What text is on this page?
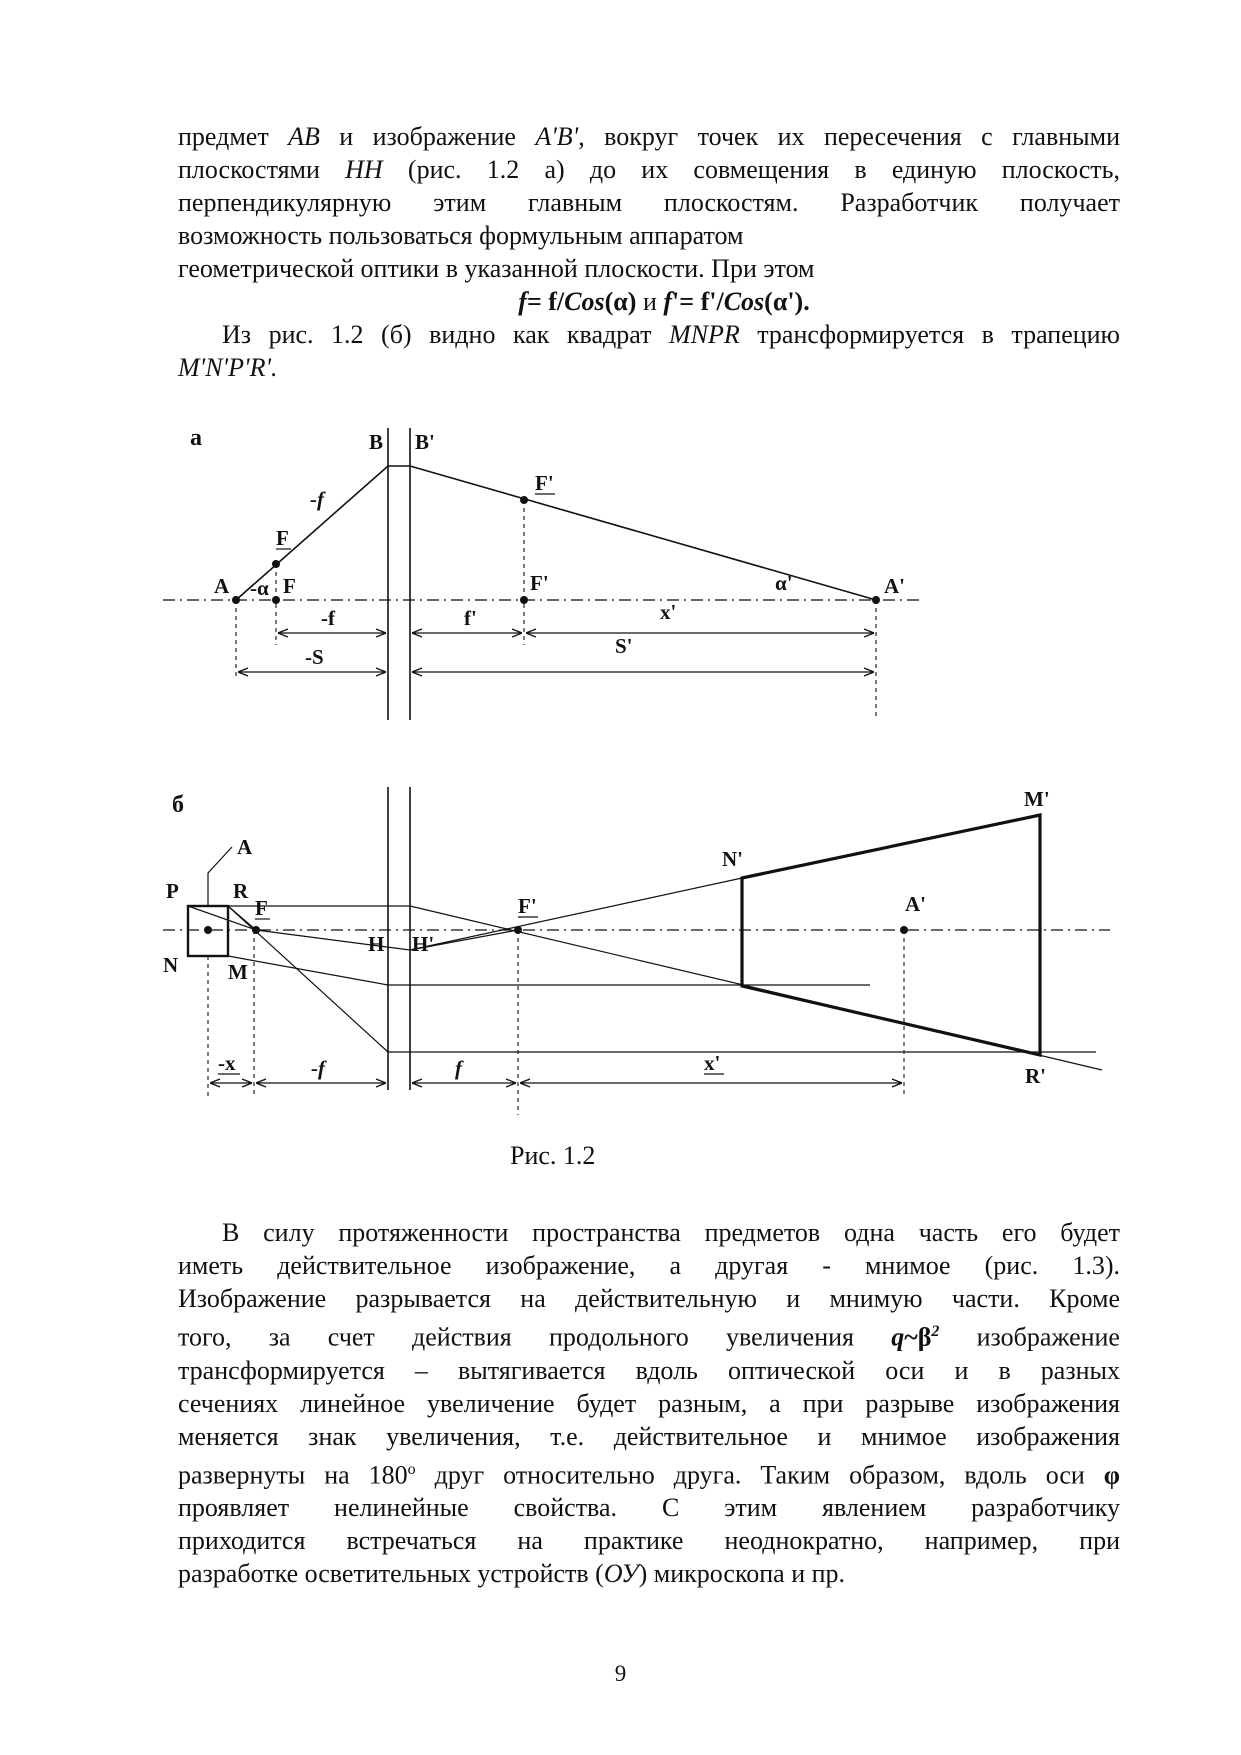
предмет AB и изображение A'B', вокруг точек их пересечения с главными
плоскостями HH (рис. 1.2 а) до их совмещения в единую плоскость,
перпендикулярную этим главным плоскостям. Разработчик получает
возможность пользоваться формульным аппаратом
геометрической оптики в указанной плоскости. При этом
f= f/Cos(α) и f'= f'/Cos(α').
Из рис. 1.2 (б) видно как квадрат MNPR трансформируется в трапецию
M'N'P'R'.
а	B B'
F'
-f
F
A -α F	F'	α'	A'
-f	f'	x'
S'
-S
б
A
P	R
F
N M
H H'
F'
N'
M'
A'
R'
-x	-f	f	x'
Рис. 1.2
В силу протяженности пространства предметов одна часть его будет
иметь действительное изображение, а другая - мнимое (рис. 1.3).
Изображение разрывается на действительную и мнимую части. Кроме
того, за счет действия продольного увеличения $q\sim\beta^2$ изображение
трансформируется – вытягивается вдоль оптической оси и в разных
сечениях линейное увеличение будет разным, а при разрыве изображения
меняется знак увеличения, т.е. действительное и мнимое изображения
развернуты на $180^о$ друг относительно друга. Таким образом, вдоль оси φ
проявляет нелинейные свойства. С этим явлением разработчику
приходится встречаться на практике неоднократно, например, при
разработке осветительных устройств (ОУ) микроскопа и пр.
9
